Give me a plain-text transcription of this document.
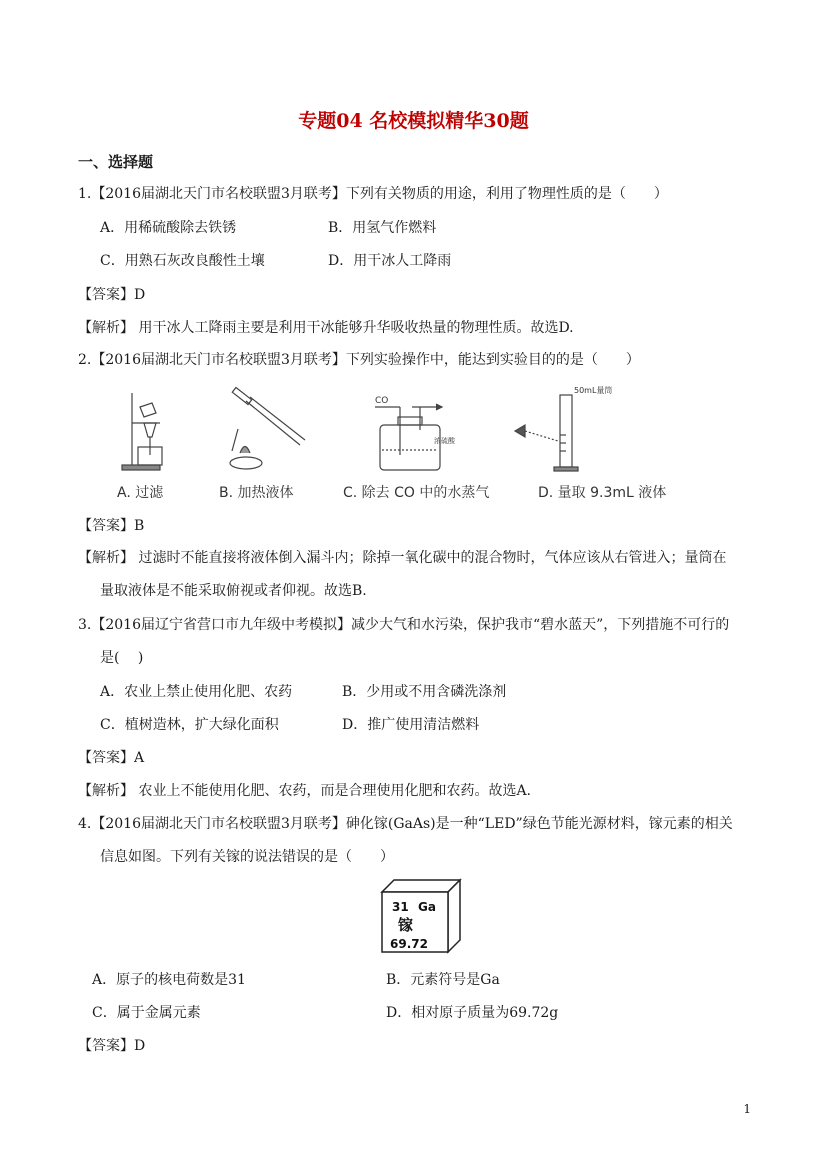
专题04 名校模拟精华30题
一、选择题
1.【2016届湖北天门市名校联盟3月联考】下列有关物质的用途，利用了物理性质的是（　　）
A．用稀硫酸除去铁锈	B．用氢气作燃料
C．用熟石灰改良酸性土壤	D．用干冰人工降雨
【答案】D
【解析】 用干冰人工降雨主要是利用干冰能够升华吸收热量的物理性质。故选D.
2.【2016届湖北天门市名校联盟3月联考】下列实验操作中，能达到实验目的的是（　　）
CO
浓硫酸
50mL量筒
A. 过滤	B. 加热液体	C. 除去 CO 中的水蒸气	D. 量取 9.3mL 液体
【答案】B
【解析】 过滤时不能直接将液体倒入漏斗内；除掉一氧化碳中的混合物时，气体应该从右管进入；量筒在
量取液体是不能采取俯视或者仰视。故选B.
3.【2016届辽宁省营口市九年级中考模拟】减少大气和水污染，保护我市“碧水蓝天”，下列措施不可行的
是(　 )
A．农业上禁止使用化肥、农药	B．少用或不用含磷洗涤剂
C．植树造林，扩大绿化面积	D．推广使用清洁燃料
【答案】A
【解析】 农业上不能使用化肥、农药，而是合理使用化肥和农药。故选A.
4.【2016届湖北天门市名校联盟3月联考】砷化镓(GaAs)是一种“LED”绿色节能光源材料，镓元素的相关
信息如图。下列有关镓的说法错误的是（　　）
31 Ga
镓
69.72
A．原子的核电荷数是31	B．元素符号是Ga
C．属于金属元素	D．相对原子质量为69.72g
【答案】D
1
